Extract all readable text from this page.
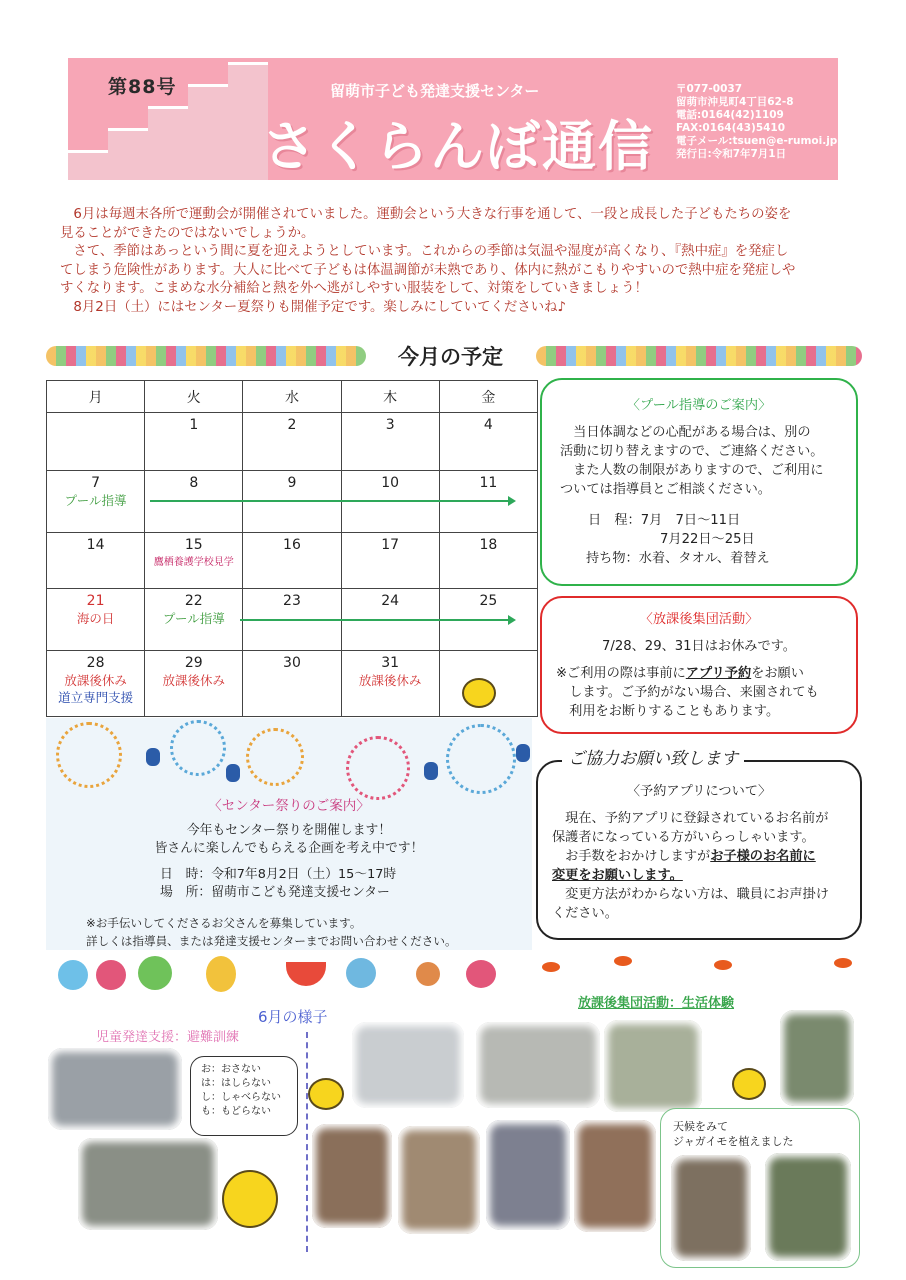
第88号	留萌市子ども発達支援センター
さくらんぼ通信
〒077-0037
留萌市沖見町4丁目62-8
電話:0164(42)1109
FAX:0164(43)5410
電子メール:tsuen@e-rumoi.jp
発行日:令和7年7月1日

　6月は毎週末各所で運動会が開催されていました。運動会という大きな行事を通して、一段と成長した子どもたちの姿を

見ることができたのではないでしょうか。

　さて、季節はあっという間に夏を迎えようとしています。これからの季節は気温や湿度が高くなり、『熱中症』を発症し

てしまう危険性があります。大人に比べて子どもは体温調節が未熟であり、体内に熱がこもりやすいので熱中症を発症しや

すくなります。こまめな水分補給と熱を外へ逃がしやすい服装をして、対策をしていきましょう！

　8月2日（土）にはセンター夏祭りも開催予定です。楽しみにしていてくださいね♪

今月の予定
月	火	水	木	金

	1	2	3	4

7
プール指導	8	9	10	11

14	15
鷹栖養護学校見学	16	17	18

21
海の日	22
プール指導	23	24	25

28
放課後休み
道立専門支援	29
放課後休み	30	31
放課後休み	

〈プール指導のご案内〉
　当日体調などの心配がある場合は、別の
活動に切り替えますので、ご連絡ください。
　また人数の制限がありますので、ご利用に
ついては指導員とご相談ください。
日　程：7月　7日〜11日
7月22日〜25日
持ち物：水着、タオル、着替え
〈放課後集団活動〉
7/28、29、31日はお休みです。
※ご利用の際は事前にアプリ予約をお願い
　します。ご予約がない場合、来園されても
　利用をお断りすることもあります。
〈予約アプリについて〉
　現在、予約アプリに登録されているお名前が
保護者になっている方がいらっしゃいます。
　お手数をおかけしますがお子様のお名前に
変更をお願いします。
　変更方法がわからない方は、職員にお声掛け
ください。
ご協力お願い致します
〈センター祭りのご案内〉
今年もセンター祭りを開催します！
皆さんに楽しんでもらえる企画を考え中です！
日　時：令和7年8月2日（土）15〜17時
場　所：留萌市こども発達支援センター
※お手伝いしてくださるお父さんを募集しています。
詳しくは指導員、または発達支援センターまでお問い合わせください。
放課後集団活動：生活体験
6月の様子
児童発達支援：避難訓練
お：おさない
は：はしらない
し：しゃべらない
も：もどらない
天候をみて
ジャガイモを植えました
